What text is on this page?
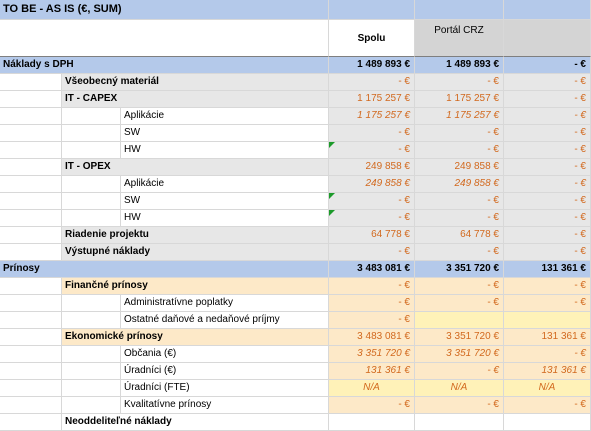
TO BE - AS IS (€, SUM)
Spolu
Portál CRZ
Náklady s DPH	1 489 893 €	1 489 893 €	- €
Všeobecný materiál	- €	- €	- €
IT - CAPEX	1 175 257 €	1 175 257 €	- €
Aplikácie	1 175 257 €	1 175 257 €	- €
SW	- €	- €	- €
HW	- €	- €	- €
IT - OPEX	249 858 €	249 858 €	- €
Aplikácie	249 858 €	249 858 €	- €
SW	- €	- €	- €
HW	- €	- €	- €
Riadenie projektu	64 778 €	64 778 €	- €
Výstupné náklady	- €	- €	- €
Prínosy	3 483 081 €	3 351 720 €	131 361 €
Finančné prínosy	- €	- €	- €
Administratívne poplatky	- €	- €	- €
Ostatné daňové a nedaňové príjmy	- €
Ekonomické prínosy	3 483 081 €	3 351 720 €	131 361 €
Občania (€)	3 351 720 €	3 351 720 €	- €
Úradníci (€)	131 361 €	- €	131 361 €
Úradníci (FTE)	N/A	N/A	N/A
Kvalitatívne prínosy	- €	- €	- €
Neoddeliteľné náklady
